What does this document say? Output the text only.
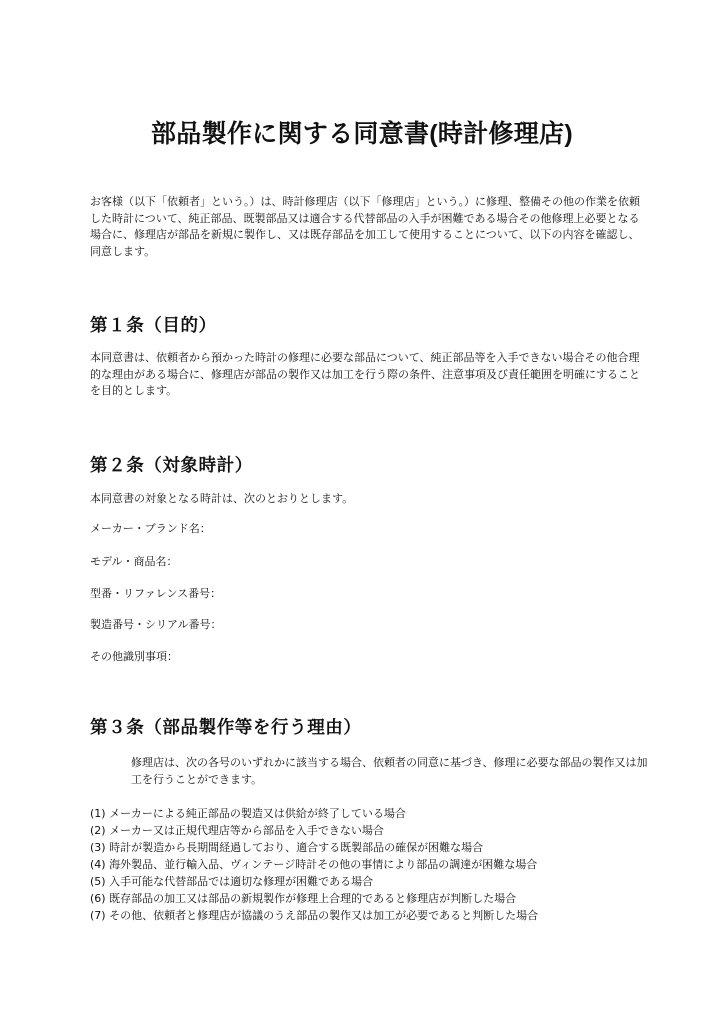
部品製作に関する同意書(時計修理店)

お客様（以下「依頼者」という。）は、時計修理店（以下「修理店」という。）に修理、整備その他の作業を依頼した時計について、純正部品、既製部品又は適合する代替部品の入手が困難である場合その他修理上必要となる場合に、修理店が部品を新規に製作し、又は既存部品を加工して使用することについて、以下の内容を確認し、同意します。

第１条（目的）

本同意書は、依頼者から預かった時計の修理に必要な部品について、純正部品等を入手できない場合その他合理的な理由がある場合に、修理店が部品の製作又は加工を行う際の条件、注意事項及び責任範囲を明確にすることを目的とします。

第２条（対象時計）

本同意書の対象となる時計は、次のとおりとします。

メーカー・ブランド名：

モデル・商品名：

型番・リファレンス番号：

製造番号・シリアル番号：

その他識別事項：

第３条（部品製作等を行う理由）

修理店は、次の各号のいずれかに該当する場合、依頼者の同意に基づき、修理に必要な部品の製作又は加工を行うことができます。

(1) メーカーによる純正部品の製造又は供給が終了している場合
(2) メーカー又は正規代理店等から部品を入手できない場合
(3) 時計が製造から長期間経過しており、適合する既製部品の確保が困難な場合
(4) 海外製品、並行輸入品、ヴィンテージ時計その他の事情により部品の調達が困難な場合
(5) 入手可能な代替部品では適切な修理が困難である場合
(6) 既存部品の加工又は部品の新規製作が修理上合理的であると修理店が判断した場合
(7) その他、依頼者と修理店が協議のうえ部品の製作又は加工が必要であると判断した場合
